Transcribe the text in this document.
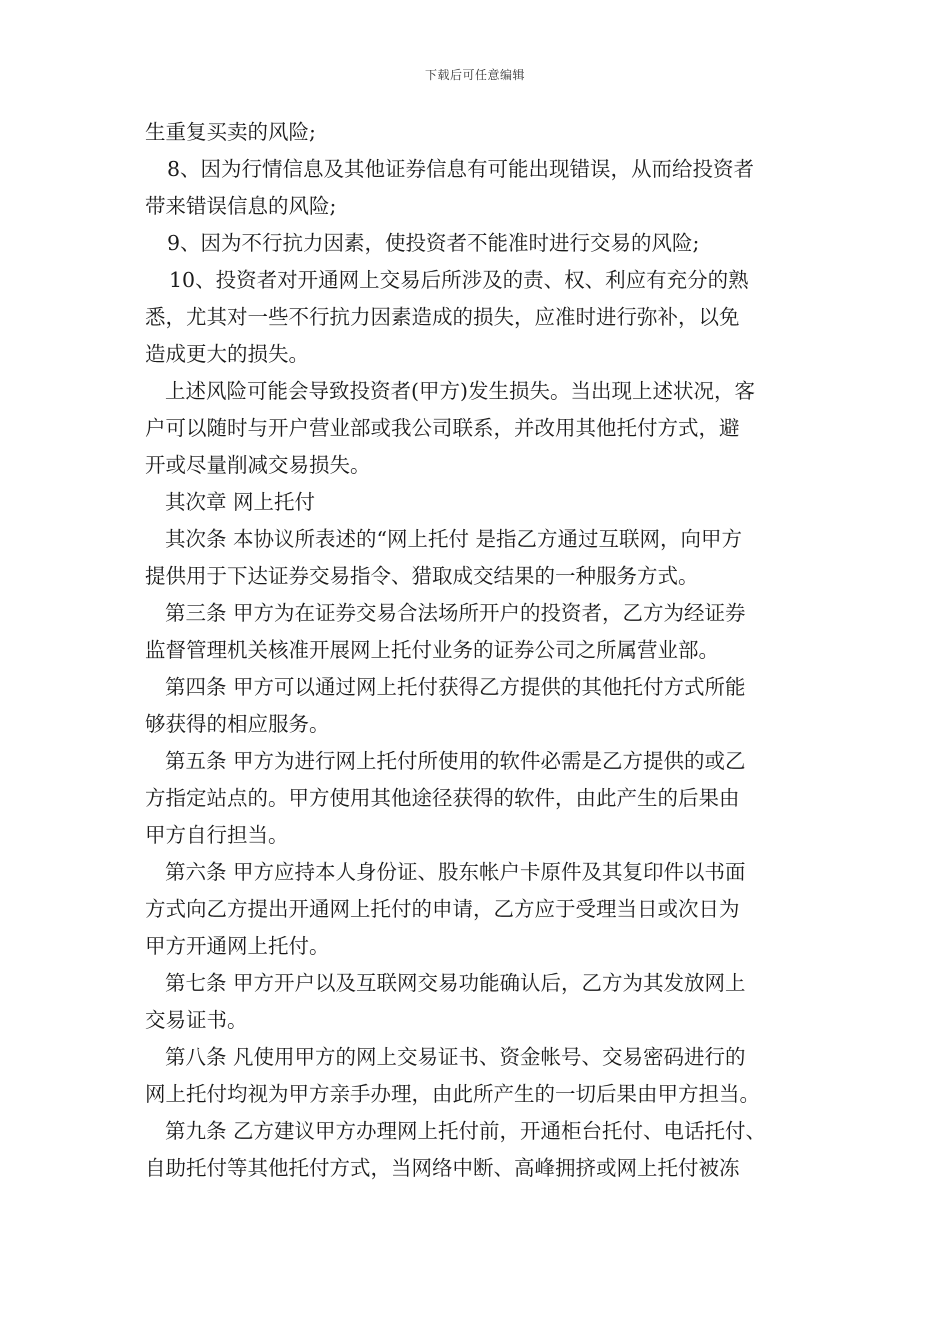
下载后可任意编辑
生重复买卖的风险;
8、因为行情信息及其他证券信息有可能出现错误，从而给投资者
带来错误信息的风险;
9、因为不行抗力因素，使投资者不能准时进行交易的风险;
10、投资者对开通网上交易后所涉及的责、权、利应有充分的熟
悉，尤其对一些不行抗力因素造成的损失，应准时进行弥补，以免
造成更大的损失。
上述风险可能会导致投资者(甲方)发生损失。当出现上述状况，客
户可以随时与开户营业部或我公司联系，并改用其他托付方式，避
开或尽量削减交易损失。
其次章 网上托付
其次条 本协议所表述的“网上托付 是指乙方通过互联网，向甲方
提供用于下达证券交易指令、猎取成交结果的一种服务方式。
第三条 甲方为在证券交易合法场所开户的投资者，乙方为经证券
监督管理机关核准开展网上托付业务的证券公司之所属营业部。
第四条 甲方可以通过网上托付获得乙方提供的其他托付方式所能
够获得的相应服务。
第五条 甲方为进行网上托付所使用的软件必需是乙方提供的或乙
方指定站点的。甲方使用其他途径获得的软件，由此产生的后果由
甲方自行担当。
第六条 甲方应持本人身份证、股东帐户卡原件及其复印件以书面
方式向乙方提出开通网上托付的申请，乙方应于受理当日或次日为
甲方开通网上托付。
第七条 甲方开户以及互联网交易功能确认后，乙方为其发放网上
交易证书。
第八条 凡使用甲方的网上交易证书、资金帐号、交易密码进行的
网上托付均视为甲方亲手办理，由此所产生的一切后果由甲方担当。
第九条 乙方建议甲方办理网上托付前，开通柜台托付、电话托付、
自助托付等其他托付方式，当网络中断、高峰拥挤或网上托付被冻
